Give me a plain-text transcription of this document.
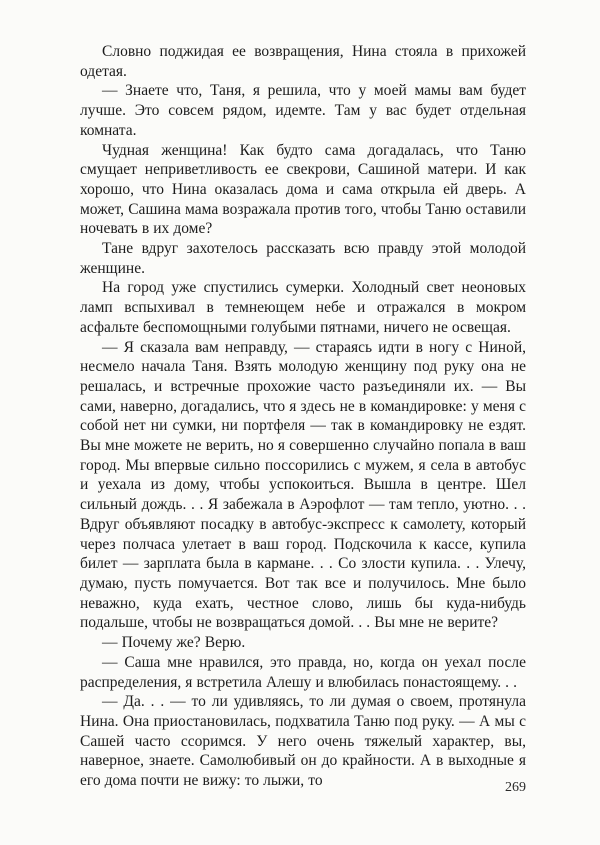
Словно поджидая ее возвращения, Нина стояла в прихожей одетая.

— Знаете что, Таня, я решила, что у моей мамы вам будет лучше. Это совсем рядом, идемте. Там у вас будет отдельная комната.

Чудная женщина! Как будто сама догадалась, что Таню смущает неприветливость ее свекрови, Сашиной матери. И как хорошо, что Нина оказалась дома и сама открыла ей дверь. А может, Сашина мама возражала против того, чтобы Таню оставили ночевать в их доме?

Тане вдруг захотелось рассказать всю правду этой молодой женщине.

На город уже спустились сумерки. Холодный свет неоновых ламп вспыхивал в темнеющем небе и отражался в мокром асфальте беспомощными голубыми пятнами, ничего не освещая.

— Я сказала вам неправду, — стараясь идти в ногу с Ниной, несмело начала Таня. Взять молодую женщину под руку она не решалась, и встречные прохожие часто разъединяли их. — Вы сами, наверно, догадались, что я здесь не в командировке: у меня с собой нет ни сумки, ни портфеля — так в командировку не ездят. Вы мне можете не верить, но я совершенно случайно попала в ваш город. Мы впервые сильно поссорились с мужем, я села в автобус и уехала из дому, чтобы успокоиться. Вышла в центре. Шел сильный дождь. . . Я забежала в Аэрофлот — там тепло, уютно. . . Вдруг объявляют посадку в автобус-экспресс к самолету, который через полчаса улетает в ваш город. Подскочила к кассе, купила билет — зарплата была в кармане. . . Со злости купила. . . Улечу, думаю, пусть помучается. Вот так все и получилось. Мне было неважно, куда ехать, честное слово, лишь бы куда-нибудь подальше, чтобы не возвращаться домой. . . Вы мне не верите?

— Почему же? Верю.

— Саша мне нравился, это правда, но, когда он уехал после распределения, я встретила Алешу и влюбилась понастоящему. . .

— Да. . . — то ли удивляясь, то ли думая о своем, протянула Нина. Она приостановилась, подхватила Таню под руку. — А мы с Сашей часто ссоримся. У него очень тяжелый характер, вы, наверное, знаете. Самолюбивый он до крайности. А в выходные я его дома почти не вижу: то лыжи, то	269
